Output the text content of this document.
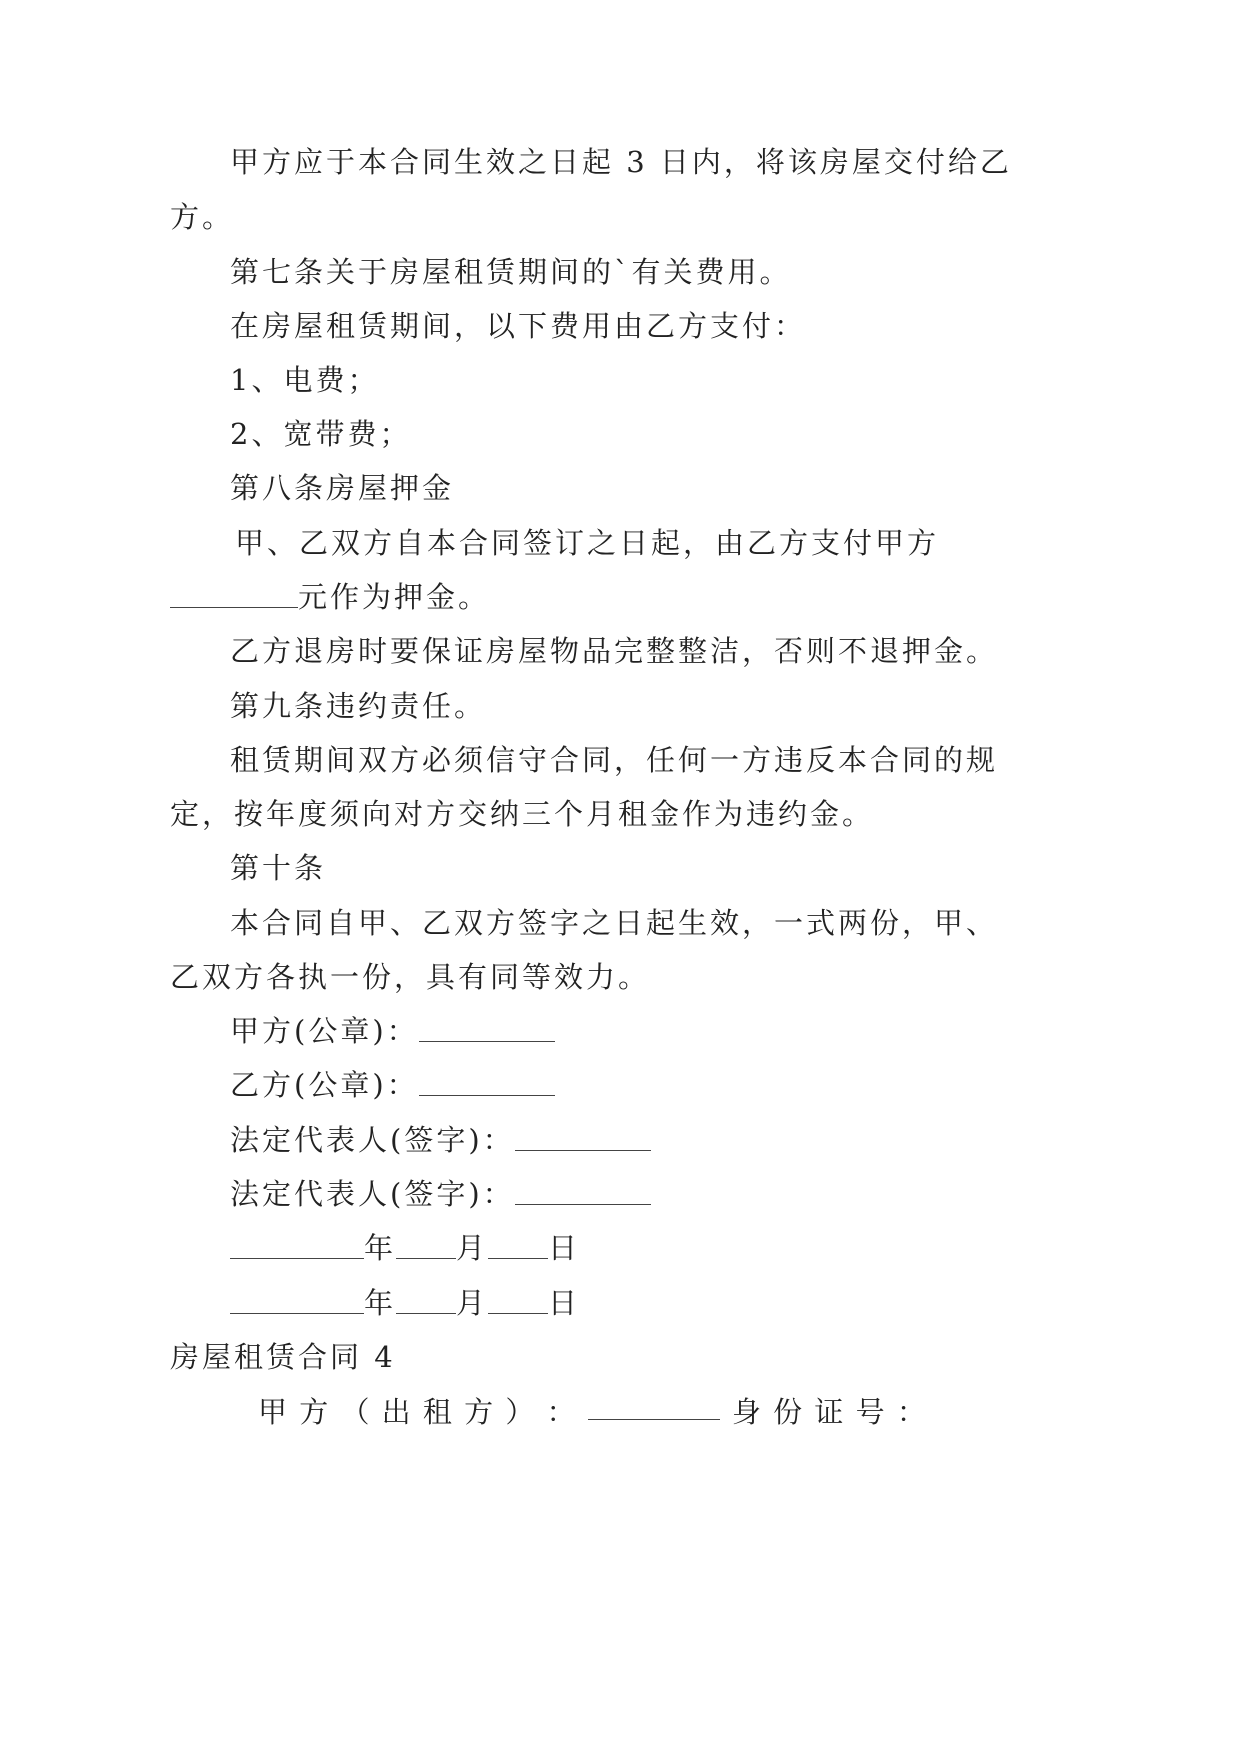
甲方应于本合同生效之日起 3 日内，将该房屋交付给乙
方。
第七条关于房屋租赁期间的`有关费用。
在房屋租赁期间，以下费用由乙方支付：
1、电费；
2、宽带费；
第八条房屋押金
甲、乙双方自本合同签订之日起，由乙方支付甲方
元作为押金。
乙方退房时要保证房屋物品完整整洁，否则不退押金。
第九条违约责任。
租赁期间双方必须信守合同，任何一方违反本合同的规
定，按年度须向对方交纳三个月租金作为违约金。
第十条
本合同自甲、乙双方签字之日起生效，一式两份，甲、
乙双方各执一份，具有同等效力。
甲方(公章)：
乙方(公章)：
法定代表人(签字)：
法定代表人(签字)：
年 月 日
年 月 日
房屋租赁合同 4
甲 方 （ 出 租 方 ） ：	身 份 证 号 ：
